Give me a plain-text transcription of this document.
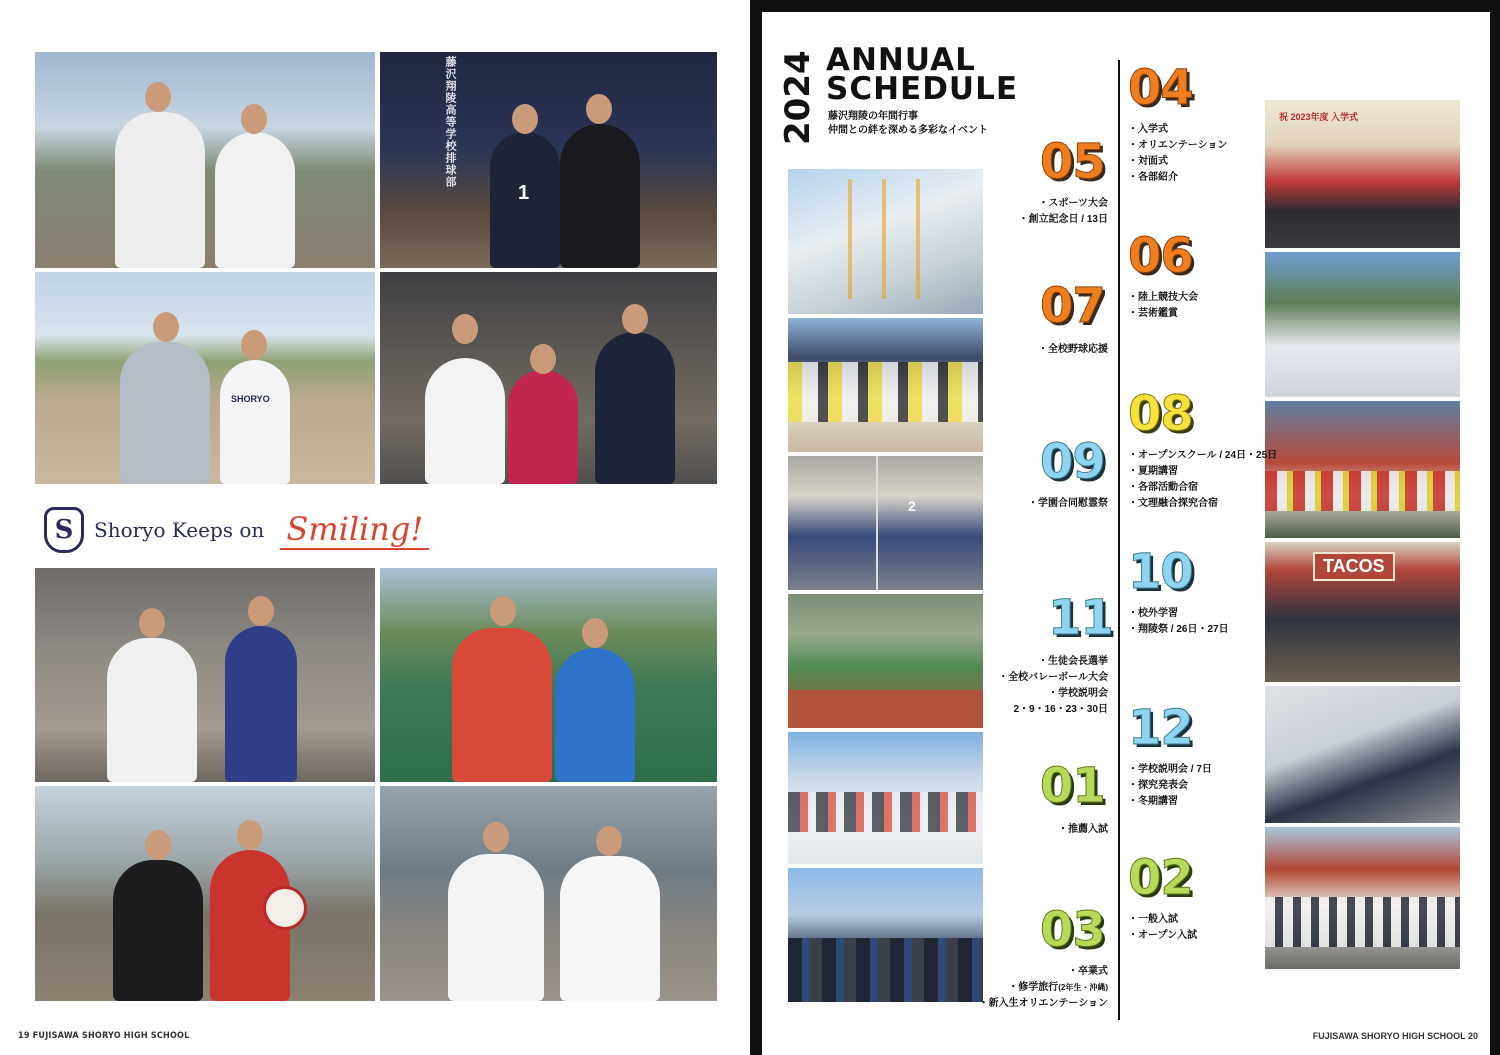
藤沢翔陵高等学校排球部
1
SHORYO
S	Shoryo Keeps on Smiling!
19 FUJISAWA SHORYO HIGH SCHOOL
2024 ANNUAL
SCHEDULE
藤沢翔陵の年間行事
仲間との絆を深める多彩なイベント
2
祝 2023年度 入学式
TACOS
04
・ 入学式
・ オリエンテーション
・ 対面式
・ 各部紹介
05
・ スポーツ大会
・ 創立記念日 / 13日
06
・ 陸上競技大会
・ 芸術鑑賞
07
・ 全校野球応援
08
・ オープンスクール / 24日・25日
・ 夏期講習
・ 各部活動合宿
・ 文理融合探究合宿
09
・ 学園合同慰霊祭
10
・ 校外学習
・ 翔陵祭 / 26日・27日
11
・ 生徒会長選挙
・ 全校バレーボール大会
・ 学校説明会
2・9・16・23・30日 12
・ 学校説明会 / 7日
・ 探究発表会
・ 冬期講習
01
・ 推薦入試
02
・ 一般入試
・ オープン入試
03
・ 卒業式
・修学旅行(2年生・沖縄)
・ 新入生オリエンテーション
FUJISAWA SHORYO HIGH SCHOOL 20
